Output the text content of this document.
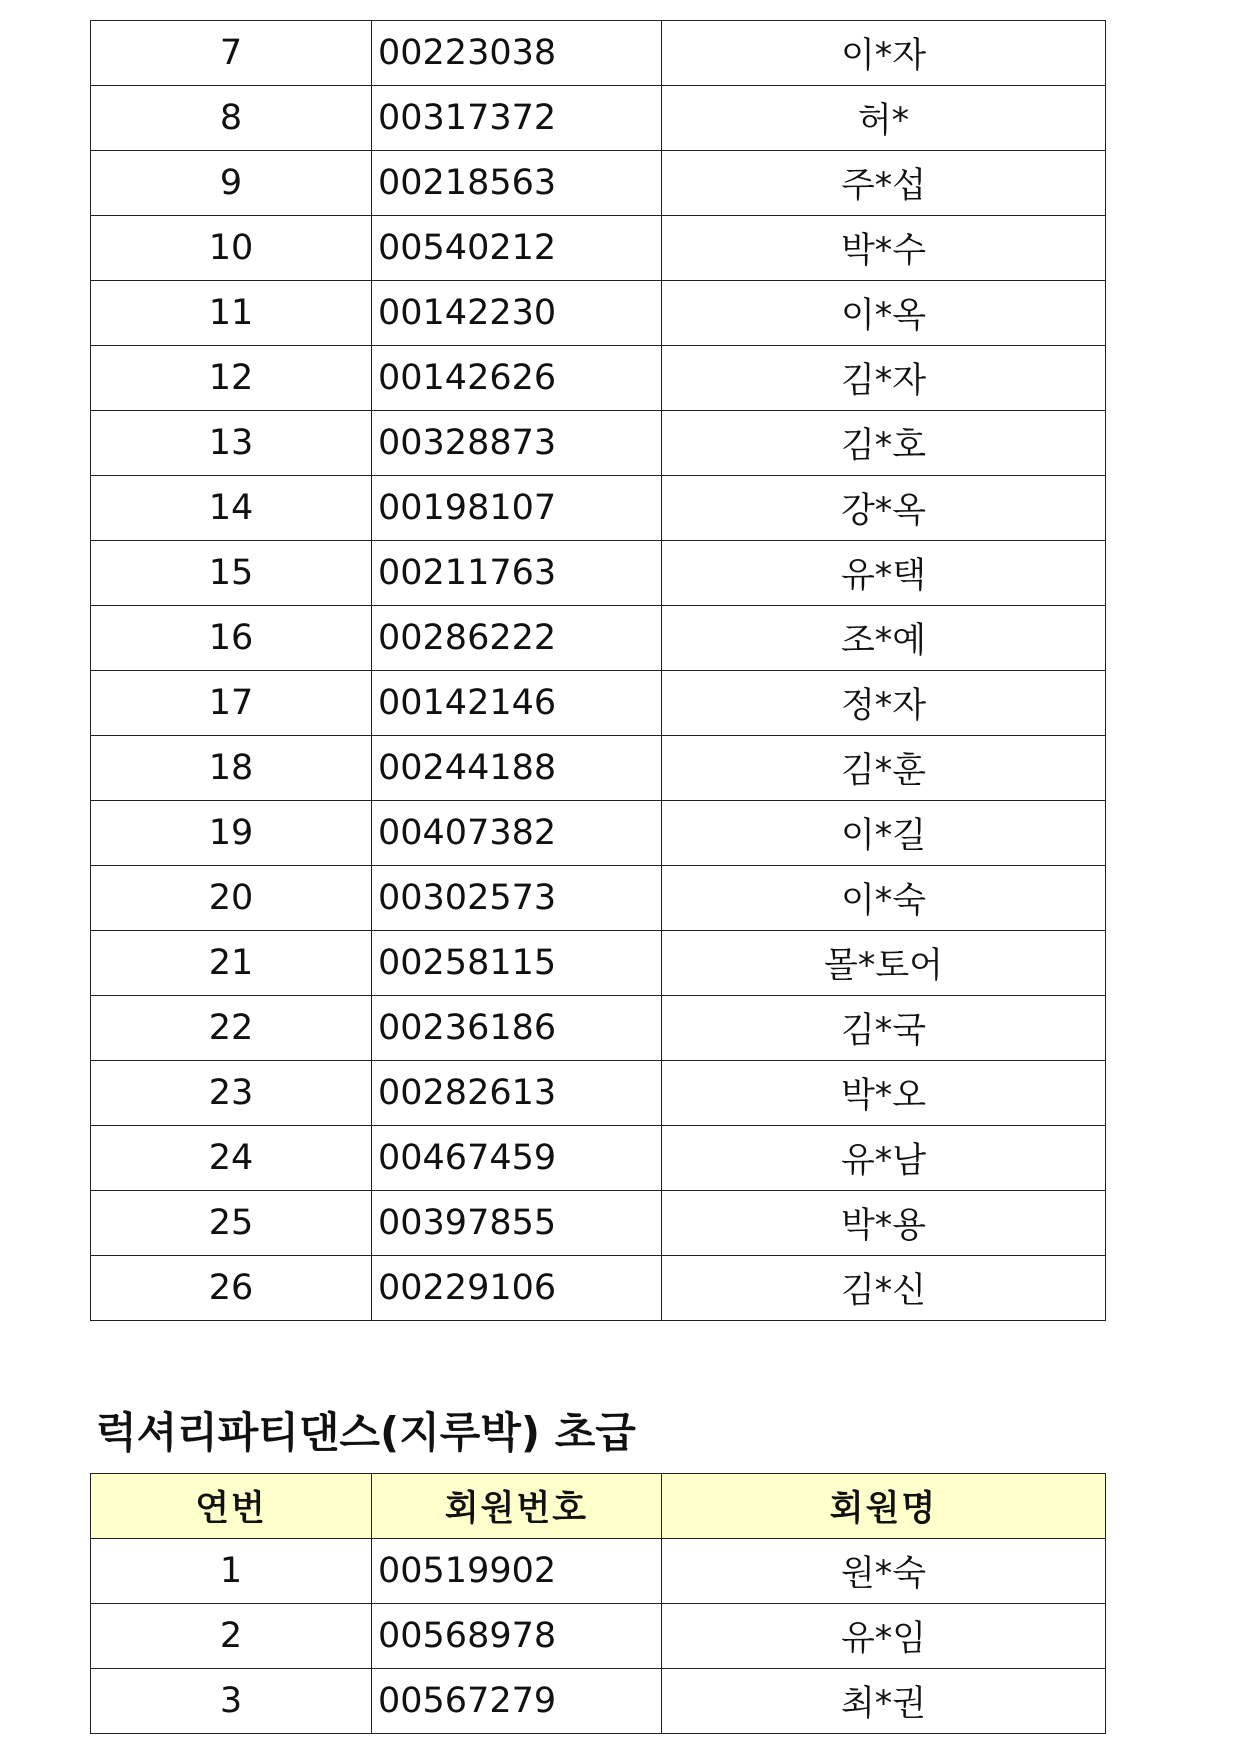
7	00223038	이*자
8	00317372	허*
9	00218563	주*섭
10	00540212	박*수
11	00142230	이*옥
12	00142626	김*자
13	00328873	김*호
14	00198107	강*옥
15	00211763	유*택
16	00286222	조*예
17	00142146	정*자
18	00244188	김*훈
19	00407382	이*길
20	00302573	이*숙
21	00258115	몰*토어
22	00236186	김*국
23	00282613	박*오
24	00467459	유*남
25	00397855	박*용
26	00229106	김*신
럭셔리파티댄스(지루박) 초급
연번	회원번호	회원명
1	00519902	원*숙
2	00568978	유*임
3	00567279	최*권
